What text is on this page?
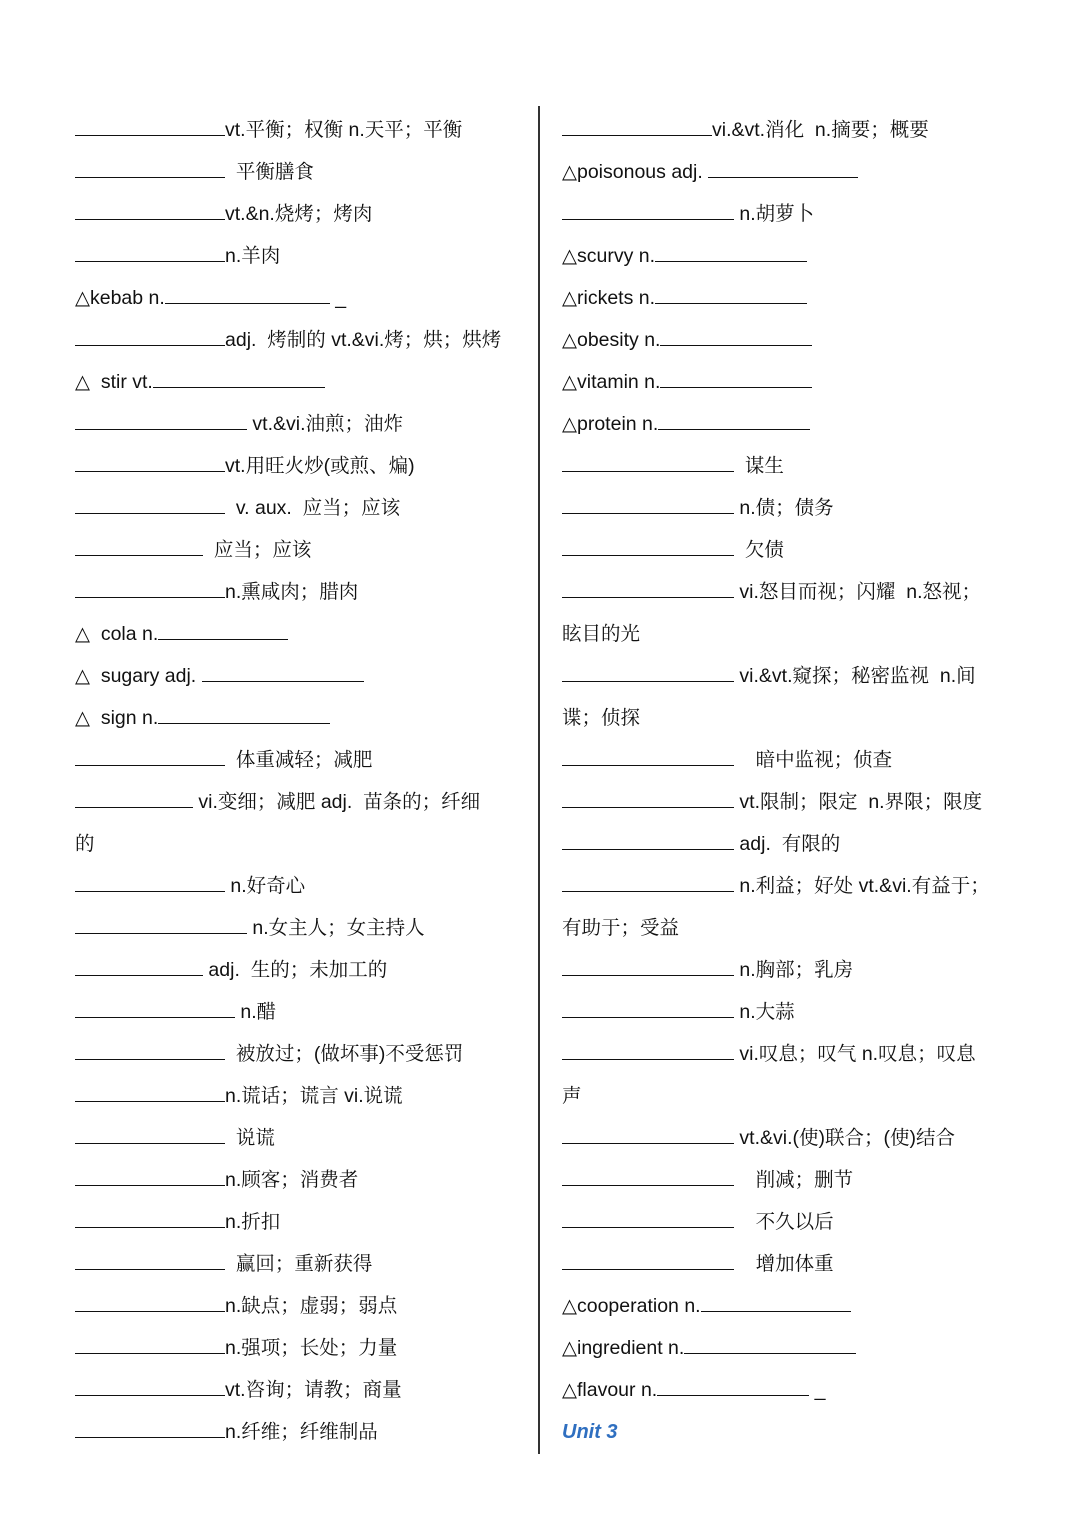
vt.平衡；权衡 n.天平；平衡
平衡膳食
vt.&n.烧烤；烤肉
n.羊肉
△kebab n.	_
adj.  烤制的 vt.&vi.烤；烘；烘烤
△  stir vt.
vt.&vi.油煎；油炸
vt.用旺火炒(或煎、煸)
v. aux.  应当；应该
应当；应该
n.熏咸肉；腊肉
△  cola n.
△  sugary adj.
△  sign n.
体重减轻；减肥
vi.变细；减肥 adj.  苗条的；纤细
的
n.好奇心
n.女主人；女主持人
adj.  生的；未加工的
n.醋
被放过；(做坏事)不受惩罚
n.谎话；谎言 vi.说谎
说谎
n.顾客；消费者
n.折扣
赢回；重新获得
n.缺点；虚弱；弱点
n.强项；长处；力量
vt.咨询；请教；商量
n.纤维；纤维制品
vi.&vt.消化  n.摘要；概要
△poisonous adj.
n.胡萝卜
△scurvy n.
△rickets n.
△obesity n.
△vitamin n.
△protein n.
谋生
n.债；债务
欠债
vi.怒目而视；闪耀  n.怒视；
眩目的光
vi.&vt.窥探；秘密监视  n.间
谍；侦探
暗中监视；侦查
vt.限制；限定  n.界限；限度
adj.  有限的
n.利益；好处 vt.&vi.有益于；
有助于；受益
n.胸部；乳房
n.大蒜
vi.叹息；叹气 n.叹息；叹息
声
vt.&vi.(使)联合；(使)结合
削减；删节
不久以后
增加体重
△cooperation n.
△ingredient n.
△flavour n.	_
Unit 3
